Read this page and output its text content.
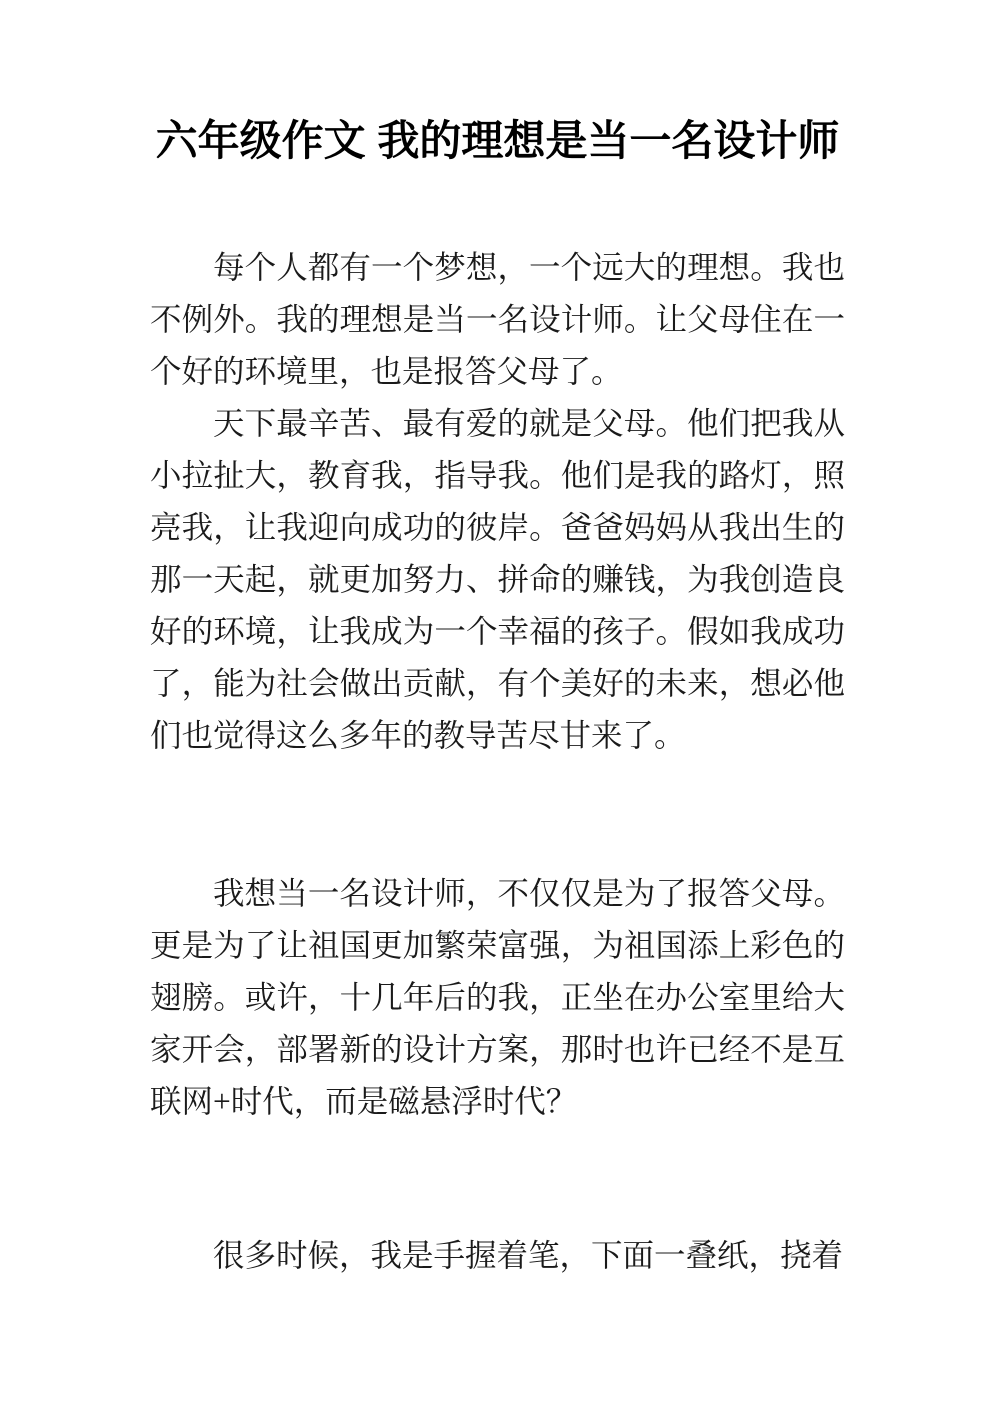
六年级作文 我的理想是当一名设计师

每个人都有一个梦想，一个远大的理想。我也不例外。我的理想是当一名设计师。让父母住在一个好的环境里，也是报答父母了。

天下最辛苦、最有爱的就是父母。他们把我从小拉扯大，教育我，指导我。他们是我的路灯，照亮我，让我迎向成功的彼岸。爸爸妈妈从我出生的那一天起，就更加努力、拼命的赚钱，为我创造良好的环境，让我成为一个幸福的孩子。假如我成功了，能为社会做出贡献，有个美好的未来，想必他们也觉得这么多年的教导苦尽甘来了。

我想当一名设计师，不仅仅是为了报答父母。更是为了让祖国更加繁荣富强，为祖国添上彩色的翅膀。或许，十几年后的我，正坐在办公室里给大家开会，部署新的设计方案，那时也许已经不是互联网+时代，而是磁悬浮时代？

很多时候，我是手握着笔，下面一叠纸，挠着
